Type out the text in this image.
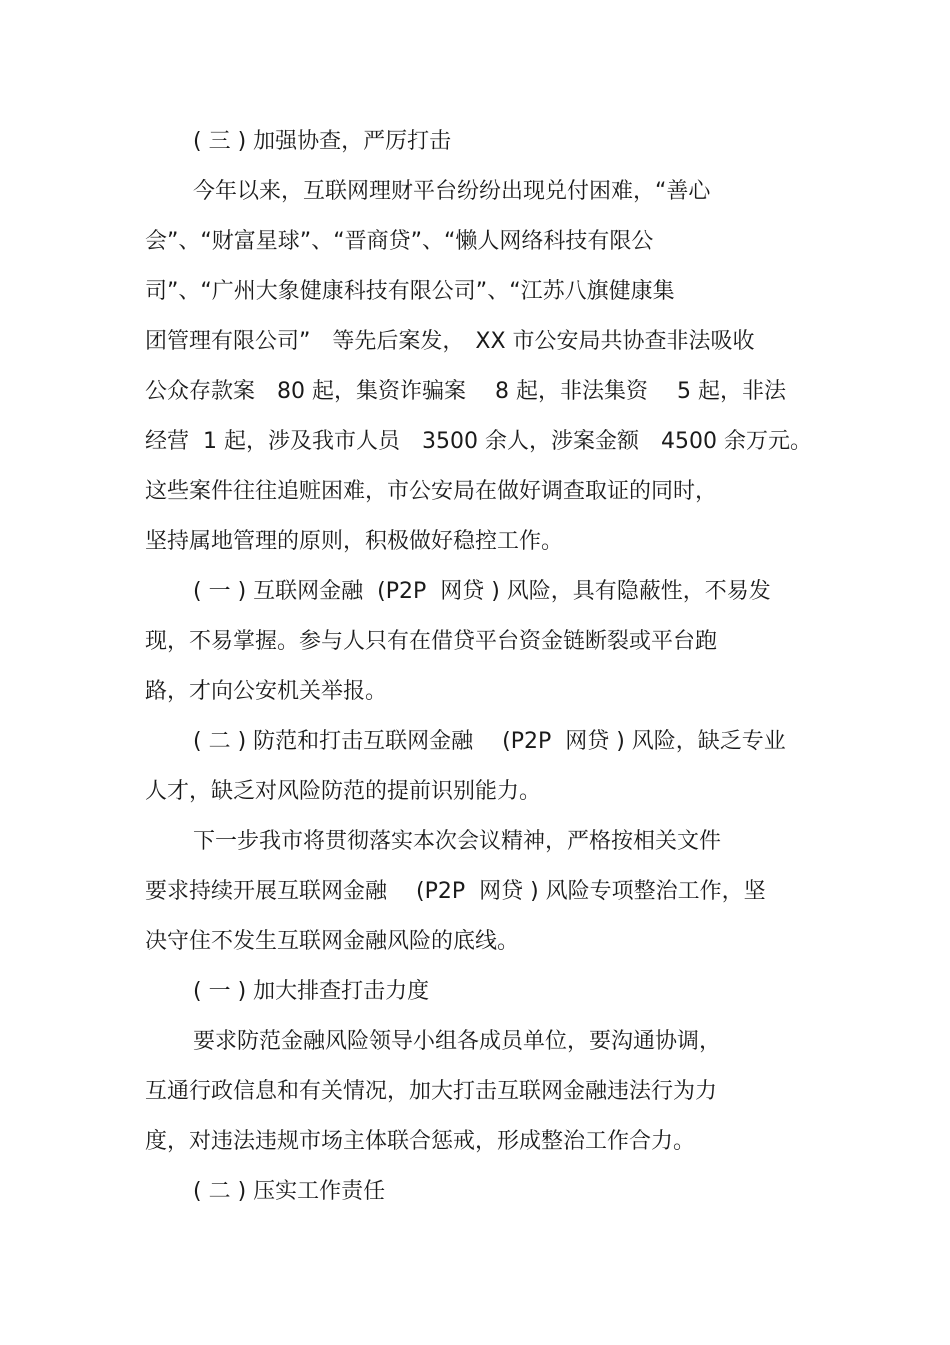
( 三 ) 加强协查，严厉打击
今年以来，互联网理财平台纷纷出现兑付困难，“善心
会”、“财富星球”、“晋商贷”、“懒人网络科技有限公
司”、“广州大象健康科技有限公司”、“江苏八旗健康集
团管理有限公司”　等先后案发，　XX 市公安局共协查非法吸收
公众存款案　80 起，集资诈骗案　 8 起，非法集资　 5 起，非法
经营  1 起，涉及我市人员　3500 余人，涉案金额　4500 余万元。
这些案件往往追赃困难，市公安局在做好调查取证的同时，
坚持属地管理的原则，积极做好稳控工作。
( 一 ) 互联网金融  (P2P  网贷 ) 风险，具有隐蔽性，不易发
现，不易掌握。参与人只有在借贷平台资金链断裂或平台跑
路，才向公安机关举报。
( 二 ) 防范和打击互联网金融　 (P2P  网贷 ) 风险，缺乏专业
人才，缺乏对风险防范的提前识别能力。
下一步我市将贯彻落实本次会议精神，严格按相关文件
要求持续开展互联网金融　 (P2P  网贷 ) 风险专项整治工作，坚
决守住不发生互联网金融风险的底线。
( 一 ) 加大排查打击力度
要求防范金融风险领导小组各成员单位，要沟通协调，
互通行政信息和有关情况，加大打击互联网金融违法行为力
度，对违法违规市场主体联合惩戒，形成整治工作合力。
( 二 ) 压实工作责任
